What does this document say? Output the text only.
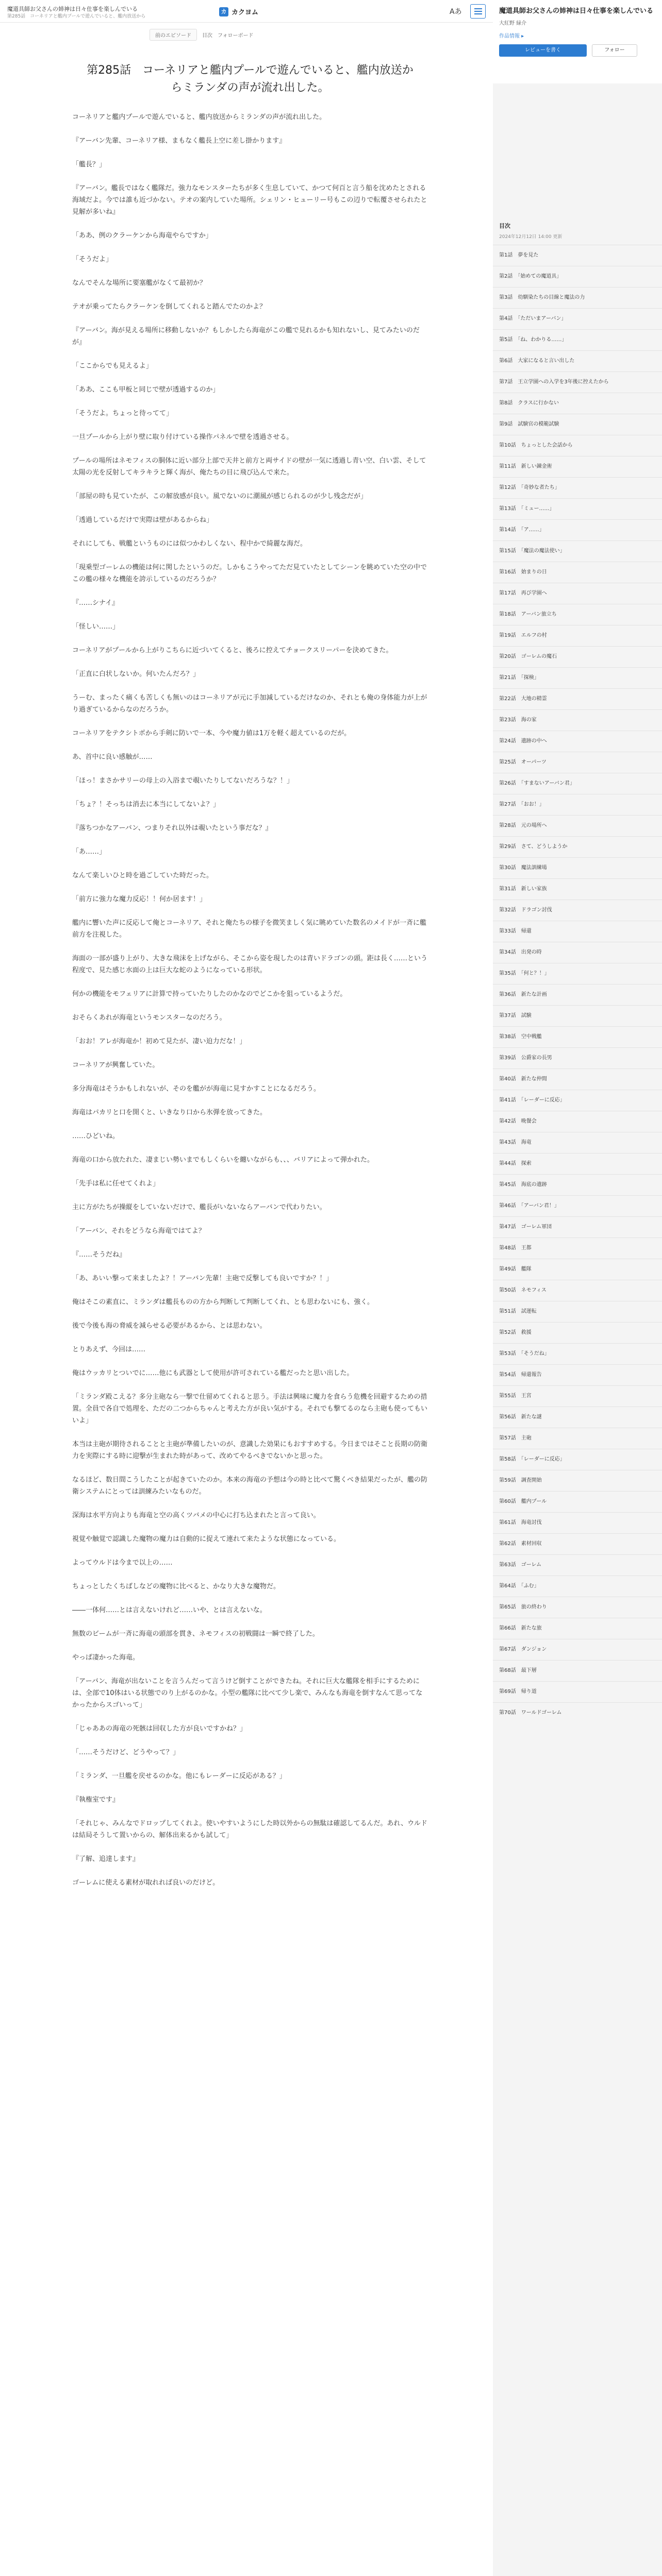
魔道具師お父さんの姉神は日々仕事を楽しんでいる
第285話　コーネリアと艦内プールで遊んでいると、艦内放送から
カ カクヨム	Aあ
前のエピソード	目次 フォローボード
第285話　コーネリアと艦内プールで遊んでいると、艦内放送からミランダの声が流れ出した。

コーネリアと艦内プールで遊んでいると、艦内放送からミランダの声が流れ出した。

『アーバン先輩、コーネリア様、まもなく艦長上空に差し掛かります』

「艦長？」

『アーバン。艦長ではなく艦隊だ。強力なモンスターたちが多く生息していて、かつて何百と言う船を沈めたとされる海域だよ。今では誰も近づかない。テオの案内していた場所。シェリン・ヒューリー号もこの辺りで転覆させられたと見解が多いね』

「ああ、例のクラーケンから海竜やらですか」

「そうだよ」

なんでそんな場所に要塞艦がなくて最初か？

テオが乗ってたらクラーケンを倒してくれると踏んでたのかよ？

『アーバン。海が見える場所に移動しないか？もしかしたら海竜がこの艦で見れるかも知れないし、見てみたいのだが』

「ここからでも見えるよ」

「ああ、ここも甲板と同じで壁が透過するのか」

「そうだよ。ちょっと待ってて」

一旦プールから上がり壁に取り付けている操作パネルで壁を透過させる。

プールの場所はネモフィスの胴体に近い部分上部で天井と前方と両サイドの壁が一気に透過し青い空、白い雲、そして太陽の光を反射してキラキラと輝く海が、俺たちの目に飛び込んで来た。

「部屋の時も見ていたが、この解放感が良い。風でないのに潮風が感じられるのが少し残念だが」

「透過しているだけで実際は壁があるからね」

それにしても、戦艦というものには似つかわしくない、程中かで綺麗な海だ。

「現乗型ゴーレムの機能は何に関したというのだ。しかもこうやってただ見ていたとしてシーンを眺めていた空の中でこの艦の様々な機能を誇示しているのだろうか？

『……シナイ』

「怪しい……」

コーネリアがプールから上がりこちらに近づいてくると、後ろに控えてチョークスリーパーを決めてきた。

「正直に白状しないか。何いたんだろ？」

うーむ、まったく痛くも苦しくも無いのはコーネリアが元に手加減しているだけなのか、それとも俺の身体能力が上がり過ぎているからなのだろうか。

コーネリアをテクシトポから手剣に防いで一本、今や魔力値は1万を軽く超えているのだが。

あ、首中に良い感触が……

「ほっ！まさかサリーの母上の入浴まで覗いたりしてないだろうな？！」

「ちょ？！そっちは消去に本当にしてないよ？」

『落ちつかなアーバン、つまりそれ以外は覗いたという事だな？』

「あ……」

なんて楽しいひと時を過ごしていた時だった。

「前方に強力な魔力反応！！何か居ます！」

艦内に響いた声に反応して俺とコーネリア、それと俺たちの様子を微笑ましく気に眺めていた数名のメイドが一斉に艦前方を注視した。

海面の一部が盛り上がり、大きな飛沫を上げながら、そこから姿を現したのは青いドラゴンの頭。距は長く……という程度で、見た感じ水面の上は巨大な蛇のようになっている形状。

何かの機能をモフェリアに計算で持っていたりしたのかなのでどこかを狙っているようだ。

おそらくあれが海竜というモンスターなのだろう。

「おお！アレが海竜か！初めて見たが、凄い迫力だな！」

コーネリアが興奮していた。

多分海竜はそうかもしれないが、そのを艦がが海竜に見すかすことになるだろう。

海竜はパカリと口を開くと、いきなり口から氷弾を放ってきた。

……ひどいね。

海竜の口から放たれた、凄まじい勢いまでもしくらいを纏いながらも、、、バリアによって弾かれた。

「先手は私に任せてくれよ」

主に方がたちが操縦をしていないだけで、艦長がいないならアーバンで代わりたい。

「アーバン、それをどうなら海竜ではてよ？

『……そうだね』

「あ、あいい撃って来ましたよ？！アーバン先輩！主砲で反撃しても良いですか？！」

俺はそこの素直に、ミランダは艦長ものの方から判断して判断してくれ、とも思わないにも、強く。

後で今後も海の脅威を減らせる必要があるから、とは思わない。

とりあえず、今回は……

俺はウッカリとついでに……他にも武器として使用が許可されている艦だったと思い出した。

「ミランダ殿こえる？多分主砲なら一撃で仕留めてくれると思う。手法は興味に魔力を食らう危機を回避するための措置。全員で各自で処理を、ただの二つからちゃんと考えた方が良い気がする。それでも撃てるのなら主砲も使ってもいいよ」

本当は主砲が期待されることと主砲が準備したいのが、意識した効果にもおすすめする。今日まではそこと長期の防衛力を実際にする時に迎撃が生まれた時があって、改めてやるべきでないかと思った。

なるほど、数日間こうしたことが起きていたのか。本来の海竜の予想は今の時と比べて驚くべき結果だったが、艦の防衛システムにとっては訓練みたいなものだ。

深海は水平方向よりも海竜と空の高くツバメの中心に打ち込まれたと言って良い。

視覚や触覚で認識した魔物の魔力は自動的に捉えて連れて来たような状態になっている。

よってウルドは今まで以上の……

ちょっとしたくちばしなどの魔物に比べると、かなり大きな魔物だ。

――一体何……とは言えないけれど……いや、とは言えないな。

無数のビームが一斉に海竜の頭部を貫き、ネモフィスの初戦闘は一瞬で終了した。

やっぱ凄かった海竜。

「アーバン、海竜が出ないことを言うんだって言うけど倒すことができたね。それに巨大な艦隊を相手にするためには、全部で10体はいる状態でのり上がるのかな。小型の艦隊に比べて少し楽で、みんなも海竜を倒すなんて思ってなかったからスゴいって」

「じゃああの海竜の死骸は回収した方が良いですかね？」

「……そうだけど、どうやって？」

「ミランダ、一旦艦を戻せるのかな。他にもレーダーに反応がある？」

『執権室です』

「それじゃ、みんなでドロップしてくれよ。使いやすいようにした時以外からの無駄は確認してるんだ。あれ、ウルドは結局そうして置いからの、解体出来るかも試して」

『了解、追達します』

ゴーレムに使える素材が取れれば良いのだけど。

魔道具師お父さんの姉神は日々仕事を楽しんでいる
大紅野 緑介
作品情報 ▸
レビューを書く	フォロー
目次
2024年12月12日 14:00 更新
第1話　夢を見た
第2話　「始めての魔道具」
第3話　幼馴染たちの目線と魔法の力
第4話　「ただいまアーバン」
第5話　「ね、わかりる……」
第6話　大家になると言い出した
第7話　王立学園への入学を3年後に控えたから
第8話　クラスに行かない
第9話　試験官の模範試験
第10話　ちょっとした会話から
第11話　新しい錬金術
第12話　「奇妙な者たち」
第13話　「ミュー……」
第14話　「ア……」
第15話　「魔法の魔法使い」
第16話　始まりの日
第17話　再び学園へ
第18話　アーバン旅立ち
第19話　エルフの村
第20話　ゴーレムの魔石
第21話　「探検」
第22話　大地の精霊
第23話　海の家
第24話　遺跡の中へ
第25話　オーパーツ
第26話　「すまないアーバン君」
第27話　「おお！」
第28話　元の場所へ
第29話　さて、どうしようか
第30話　魔法訓練場
第31話　新しい家族
第32話　ドラゴン討伐
第33話　帰還
第34話　出発の時
第35話　「何と？！」
第36話　新たな計画
第37話　試験
第38話　空中戦艦
第39話　公爵家の長男
第40話　新たな仲間
第41話　「レーダーに反応」
第42話　晩餐会
第43話　海竜
第44話　探索
第45話　海底の遺跡
第46話　「アーバン君！」
第47話　ゴーレム軍団
第48話　王都
第49話　艦隊
第50話　ネモフィス
第51話　試運転
第52話　救援
第53話　「そうだね」
第54話　帰還報告
第55話　王宮
第56話　新たな謎
第57話　主砲
第58話　「レーダーに反応」
第59話　調査開始
第60話　艦内プール
第61話　海竜討伐
第62話　素材回収
第63話　ゴーレム
第64話　「ふむ」
第65話　旅の終わり
第66話　新たな旅
第67話　ダンジョン
第68話　最下層
第69話　帰り道
第70話　ワールドゴーレム
